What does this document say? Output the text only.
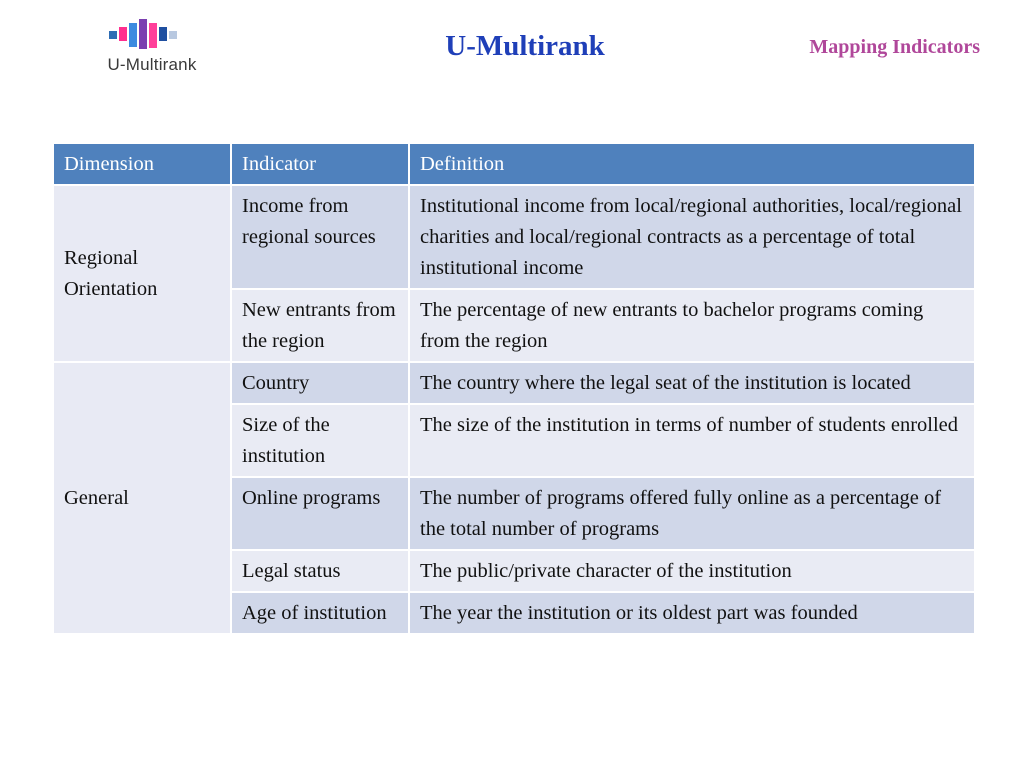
U-Multirank
U-Multirank	Mapping Indicators
Dimension	Indicator	Definition
Regional Orientation	Income from regional sources	Institutional income from local/regional authorities, local/regional charities and local/regional contracts as a percentage of total institutional income
	New entrants from the region	The percentage of new entrants to bachelor programs coming from the region
General	Country	The country where the legal seat of the institution is located
	Size of the institution	The size of the institution in terms of number of students enrolled
	Online programs	The number of programs offered fully online as a percentage of the total number of programs
	Legal status	The public/private character of the institution
	Age of institution	The year the institution or its oldest part was founded
